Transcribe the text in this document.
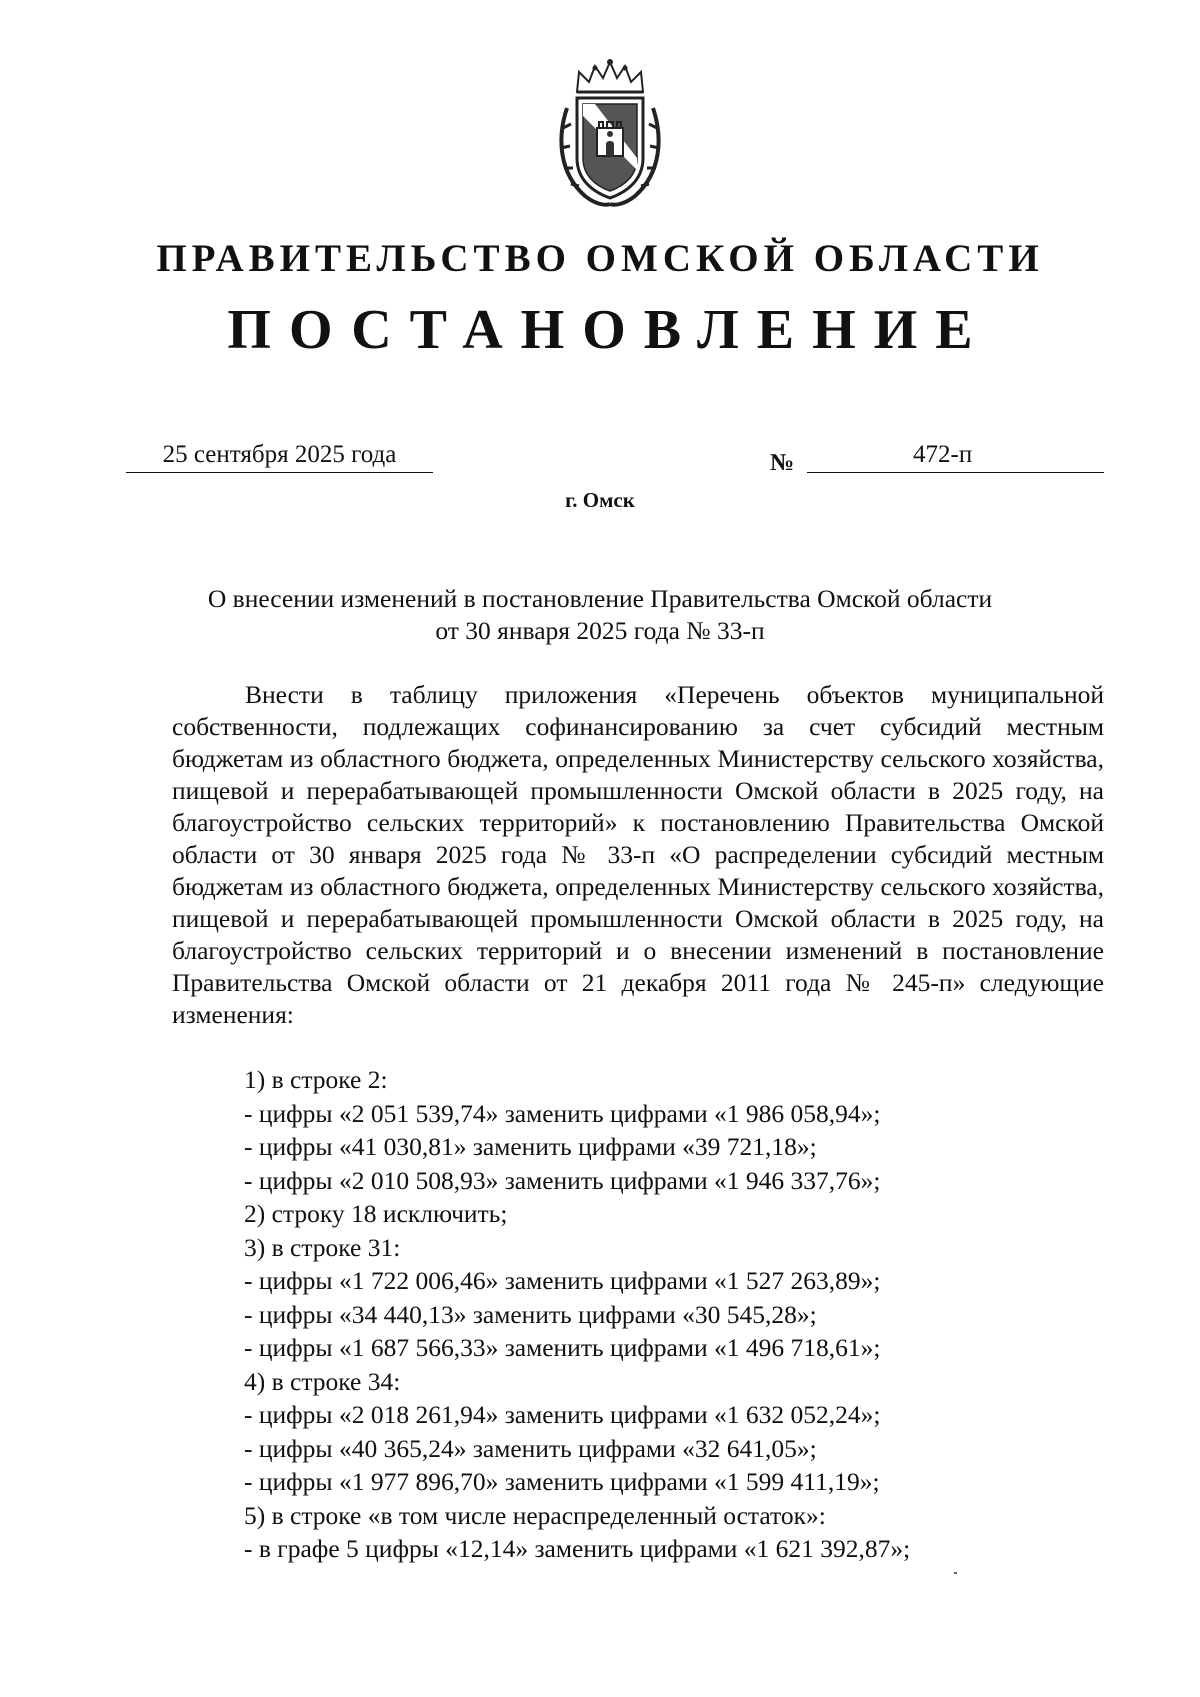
ПРАВИТЕЛЬСТВО ОМСКОЙ ОБЛАСТИ
ПОСТАНОВЛЕНИЕ
25 сентября 2025 года	№	472-п
г. Омск
О внесении изменений в постановление Правительства Омской области
от 30 января 2025 года № 33-п

Внести в таблицу приложения «Перечень объектов муниципальной собственности, подлежащих софинансированию за счет субсидий местным бюджетам из областного бюджета, определенных Министерству сельского хозяйства, пищевой и перерабатывающей промышленности Омской области в 2025 году, на благоустройство сельских территорий» к постановлению Правительства Омской области от 30 января 2025 года № 33-п «О распределении субсидий местным бюджетам из областного бюджета, определенных Министерству сельского хозяйства, пищевой и перерабатывающей промышленности Омской области в 2025 году, на благоустройство сельских территорий и о внесении изменений в постановление Правительства Омской области от 21 декабря 2011 года № 245-п» следующие изменения:

1) в строке 2:
- цифры «2 051 539,74» заменить цифрами «1 986 058,94»;
- цифры «41 030,81» заменить цифрами «39 721,18»;
- цифры «2 010 508,93» заменить цифрами «1 946 337,76»;
2) строку 18 исключить;
3) в строке 31:
- цифры «1 722 006,46» заменить цифрами «1 527 263,89»;
- цифры «34 440,13» заменить цифрами «30 545,28»;
- цифры «1 687 566,33» заменить цифрами «1 496 718,61»;
4) в строке 34:
- цифры «2 018 261,94» заменить цифрами «1 632 052,24»;
- цифры «40 365,24» заменить цифрами «32 641,05»;
- цифры «1 977 896,70» заменить цифрами «1 599 411,19»;
5) в строке «в том числе нераспределенный остаток»:
- в графе 5 цифры «12,14» заменить цифрами «1 621 392,87»;
